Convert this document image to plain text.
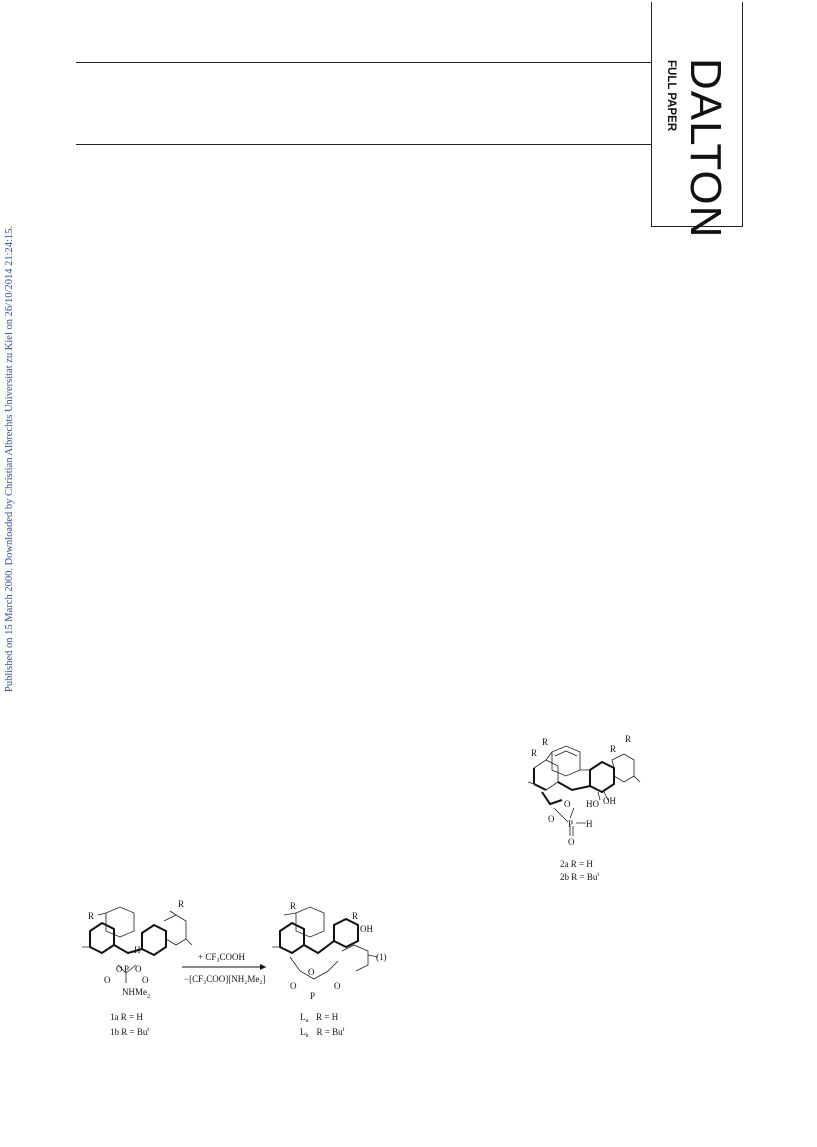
DALTON
FULL PAPER
Published on 15 March 2000. Downloaded by Christian Albrechts Universitat zu Kiel on 26/10/2014 21:24:15.
R
R
R
R
HO OH
O
O P H
O
2a R = H
2b $R = Bu^t$
R
R
H
O O
O	O
P
NHMe$_2$
1a R = H
1b $R = Bu^t$
+ CF₃COOH
−[CF₃COO][NH₂Me₂]
R
R
OH
O	O
O
P
(1)
$L_a$ R = H
$L_b$ $R = Bu^t$
